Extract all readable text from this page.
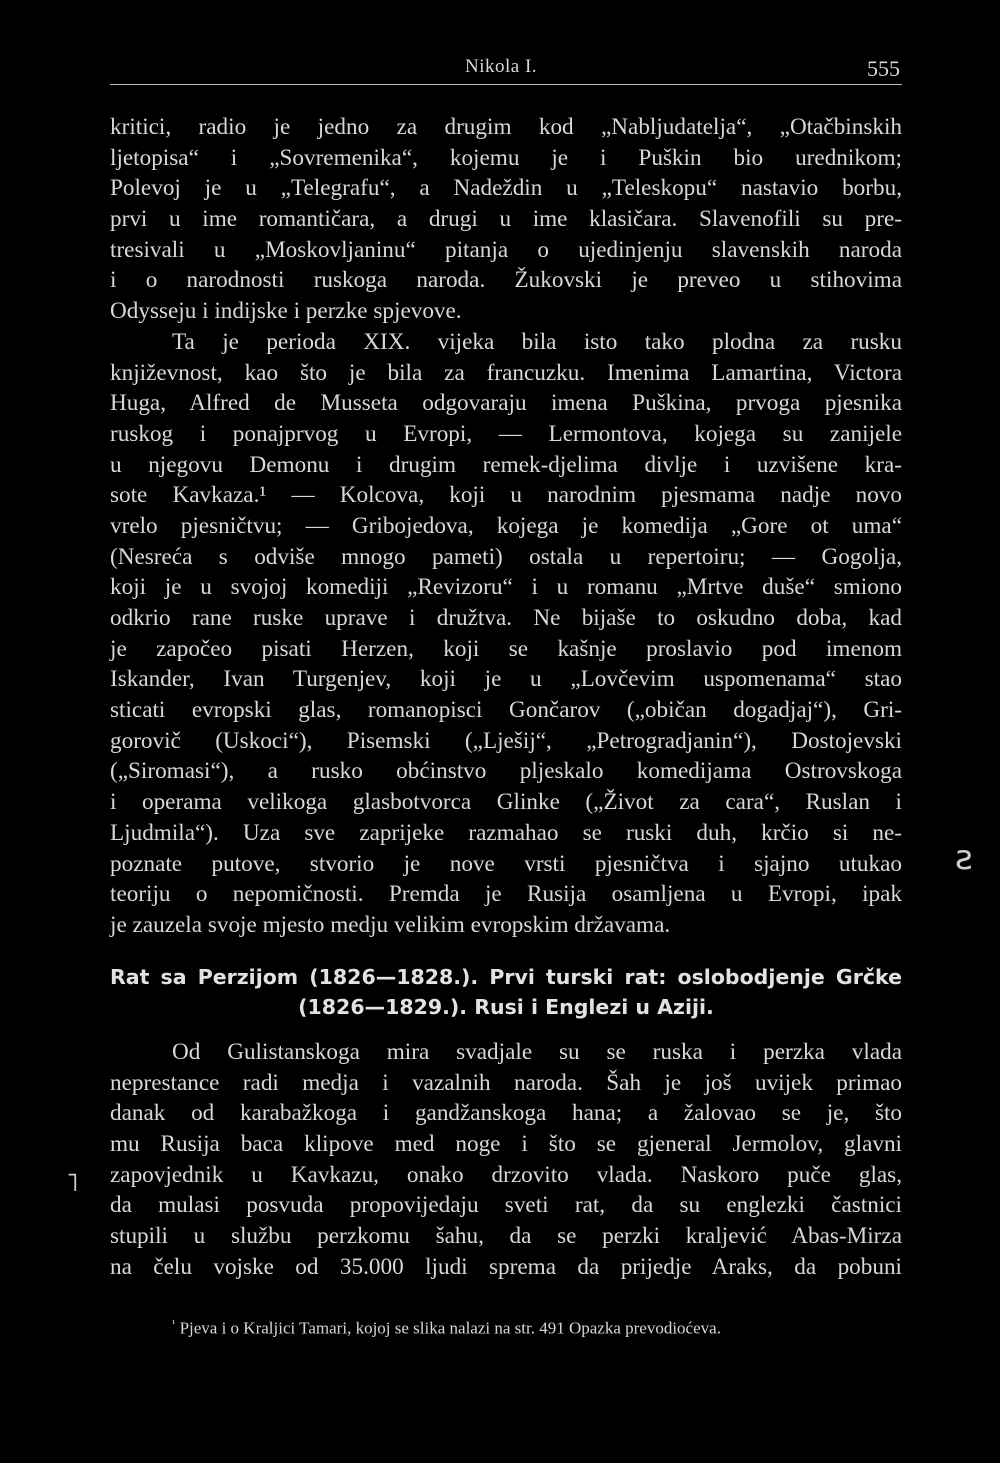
Nikola I.	555
kritici, radio je jedno za drugim kod „Nabljudatelja“, „Otačbinskih
ljetopisa“ i „Sovremenika“, kojemu je i Puškin bio urednikom;
Polevoj je u „Telegrafu“, a Nadeždin u „Teleskopu“ nastavio borbu,
prvi u ime romantičara, a drugi u ime klasičara. Slavenofili su pre-
tresivali u „Moskovljaninu“ pitanja o ujedinjenju slavenskih naroda
i o narodnosti ruskoga naroda. Žukovski je preveo u stihovima
Odysseju i indijske i perzke spjevove.
Ta je perioda XIX. vijeka bila isto tako plodna za rusku
književnost, kao što je bila za francuzku. Imenima Lamartina, Victora
Huga, Alfred de Musseta odgovaraju imena Puškina, prvoga pjesnika
ruskog i ponajprvog u Evropi, — Lermontova, kojega su zanijele
u njegovu Demonu i drugim remek-djelima divlje i uzvišene kra-
sote Kavkaza.¹ — Kolcova, koji u narodnim pjesmama nadje novo
vrelo pjesničtvu; — Gribojedova, kojega je komedija „Gore ot uma“
(Nesreća s odviše mnogo pameti) ostala u repertoiru; — Gogolja,
koji je u svojoj komediji „Revizoru“ i u romanu „Mrtve duše“ smiono
odkrio rane ruske uprave i družtva. Ne bijaše to oskudno doba, kad
je započeo pisati Herzen, koji se kašnje proslavio pod imenom
Iskander, Ivan Turgenjev, koji je u „Lovčevim uspomenama“ stao
sticati evropski glas, romanopisci Gončarov („običan dogadjaj“), Gri-
gorovič (Uskoci“), Pisemski („Lješij“, „Petrogradjanin“), Dostojevski
(„Siromasi“), a rusko obćinstvo pljeskalo komedijama Ostrovskoga
i operama velikoga glasbotvorca Glinke („Život za cara“, Ruslan i
Ljudmila“). Uza sve zaprijeke razmahao se ruski duh, krčio si ne-
poznate putove, stvorio je nove vrsti pjesničtva i sjajno utukao
teoriju o nepomičnosti. Premda je Rusija osamljena u Evropi, ipak
je zauzela svoje mjesto medju velikim evropskim državama.
Rat sa Perzijom (1826—1828.). Prvi turski rat: oslobodjenje Grčke
(1826—1829.). Rusi i Englezi u Aziji.
Od Gulistanskoga mira svadjale su se ruska i perzka vlada
neprestance radi medja i vazalnih naroda. Šah je još uvijek primao
danak od karabažkoga i gandžanskoga hana; a žalovao se je, što
mu Rusija baca klipove med noge i što se gjeneral Jermolov, glavni
zapovjednik u Kavkazu, onako drzovito vlada. Naskoro puče glas,
da mulasi posvuda propovijedaju sveti rat, da su englezki častnici
stupili u službu perzkomu šahu, da se perzki kraljević Abas-Mirza
na čelu vojske od 35.000 ljudi sprema da prijedje Araks, da pobuni
$^{^1}$ Pjeva i o Kraljici Tamari, kojoj se slika nalazi na str. 491 Opazka prevodioćeva.
ꙅ
˥
